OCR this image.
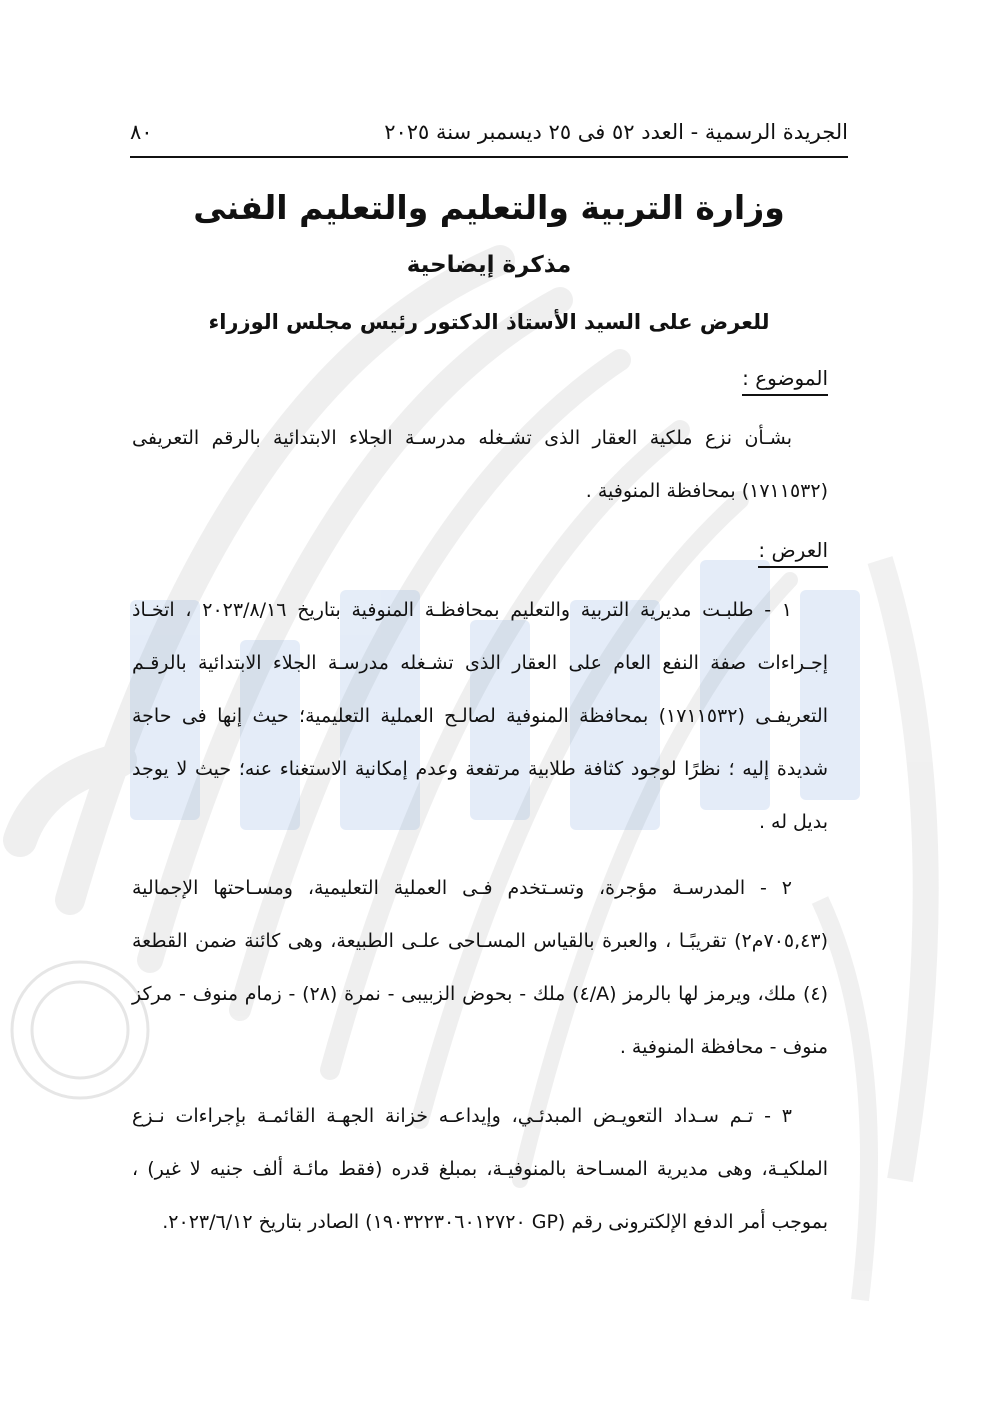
الجريدة الرسمية - العدد ٥٢ فى ٢٥ ديسمبر سنة ٢٠٢٥
٨٠
وزارة التربية والتعليم والتعليم الفنى
مذكرة إيضاحية
للعرض على السيد الأستاذ الدكتور رئيس مجلس الوزراء
الموضوع :

بشـأن نزع ملكية العقار الذى تشـغله مدرسـة الجلاء الابتدائية بالرقم التعريفى (١٧١١٥٣٢) بمحافظة المنوفية .

العرض :

١ - طلبـت مديرية التربية والتعليم بمحافظـة المنوفية بتاريخ ٢٠٢٣/٨/١٦ ، اتخـاذ إجـراءات صفة النفع العام على العقار الذى تشـغله مدرسـة الجلاء الابتدائية بالرقـم التعريفـى (١٧١١٥٣٢) بمحافظة المنوفية لصالـح العملية التعليمية؛ حيث إنها فى حاجة شديدة إليه ؛ نظرًا لوجود كثافة طلابية مرتفعة وعدم إمكانية الاستغناء عنه؛ حيث لا يوجد بديل له .

٢ - المدرسـة مؤجرة، وتسـتخدم فـى العملية التعليمية، ومسـاحتها الإجمالية (٧٠٥,٤٣م٢) تقريبًـا ، والعبرة بالقياس المسـاحى علـى الطبيعة، وهى كائنة ضمن القطعة (٤) ملك، ويرمز لها بالرمز (A/٤) ملك - بحوض الزبيبى - نمرة (٢٨) - زمام منوف - مركز منوف - محافظة المنوفية .

٣ - تـم سـداد التعويـض المبدئـي، وإيداعـه خزانة الجهـة القائمـة بإجراءات نـزع الملكيـة، وهى مديرية المسـاحة بالمنوفيـة، بمبلغ قدره (فقط مائـة ألف جنيه لا غير) ، بموجب أمر الدفع الإلكترونى رقم (GP ١٩٠٣٢٢٣٠٦٠١٢٧٢٠) الصادر بتاريخ ٢٠٢٣/٦/١٢.
